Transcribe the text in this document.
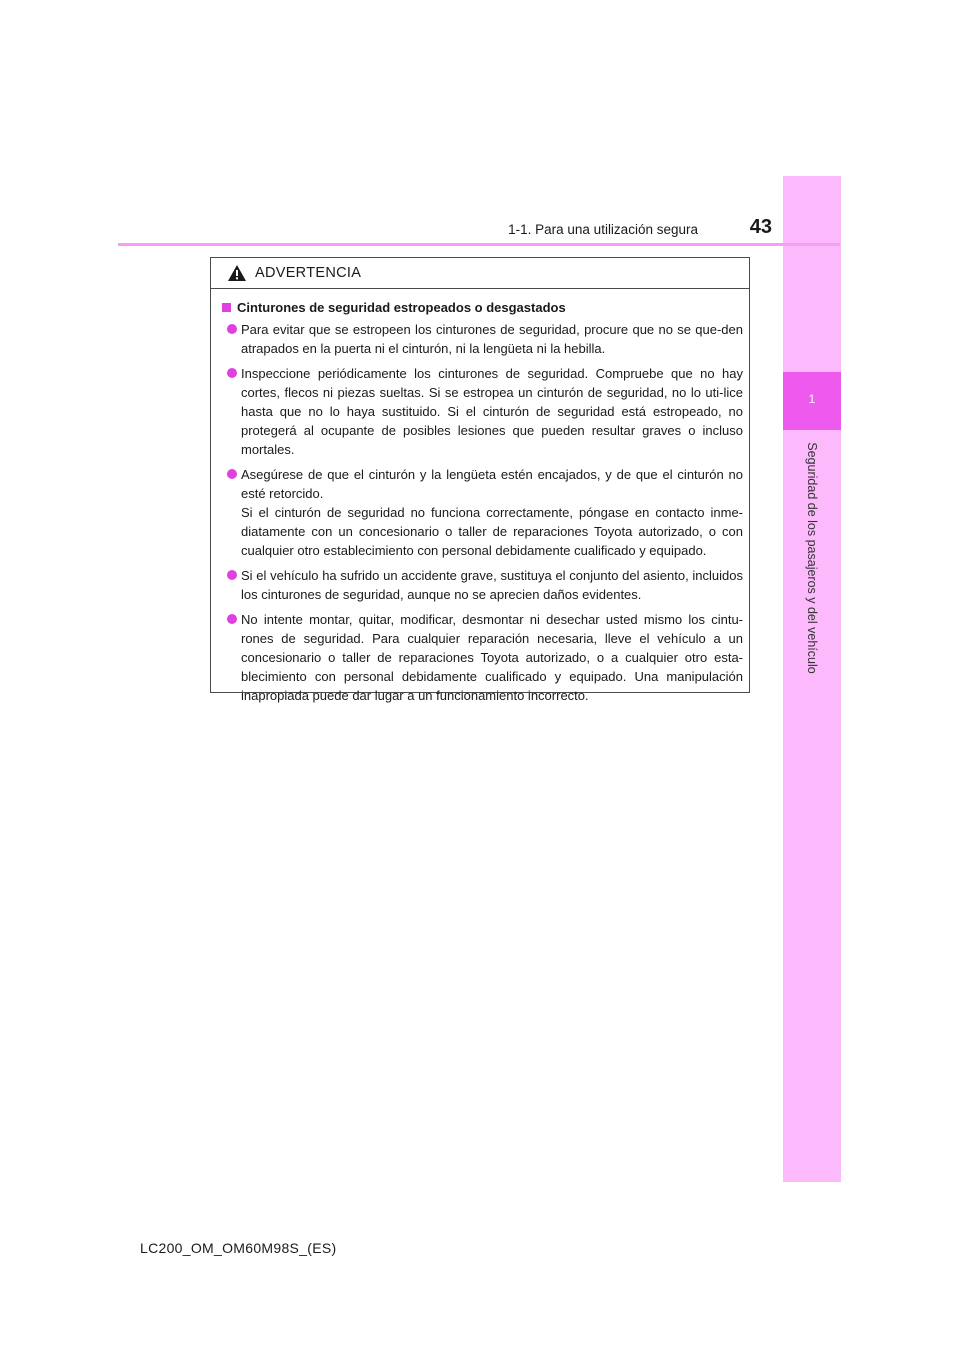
1
Seguridad de los pasajeros y del vehículo
43
1-1. Para una utilización segura
ADVERTENCIA
Cinturones de seguridad estropeados o desgastados
Para evitar que se estropeen los cinturones de seguridad, procure que no se que-den atrapados en la puerta ni el cinturón, ni la lengüeta ni la hebilla.
Inspeccione periódicamente los cinturones de seguridad. Compruebe que no hay cortes, flecos ni piezas sueltas. Si se estropea un cinturón de seguridad, no lo uti-lice hasta que no lo haya sustituido. Si el cinturón de seguridad está estropeado, no protegerá al ocupante de posibles lesiones que pueden resultar graves o incluso mortales.
Asegúrese de que el cinturón y la lengüeta estén encajados, y de que el cinturón no esté retorcido.
Si el cinturón de seguridad no funciona correctamente, póngase en contacto inme-diatamente con un concesionario o taller de reparaciones Toyota autorizado, o con cualquier otro establecimiento con personal debidamente cualificado y equipado.
Si el vehículo ha sufrido un accidente grave, sustituya el conjunto del asiento, incluidos los cinturones de seguridad, aunque no se aprecien daños evidentes.
No intente montar, quitar, modificar, desmontar ni desechar usted mismo los cintu-rones de seguridad. Para cualquier reparación necesaria, lleve el vehículo a un concesionario o taller de reparaciones Toyota autorizado, o a cualquier otro esta-blecimiento con personal debidamente cualificado y equipado. Una manipulación inapropiada puede dar lugar a un funcionamiento incorrecto.
LC200_OM_OM60M98S_(ES)
